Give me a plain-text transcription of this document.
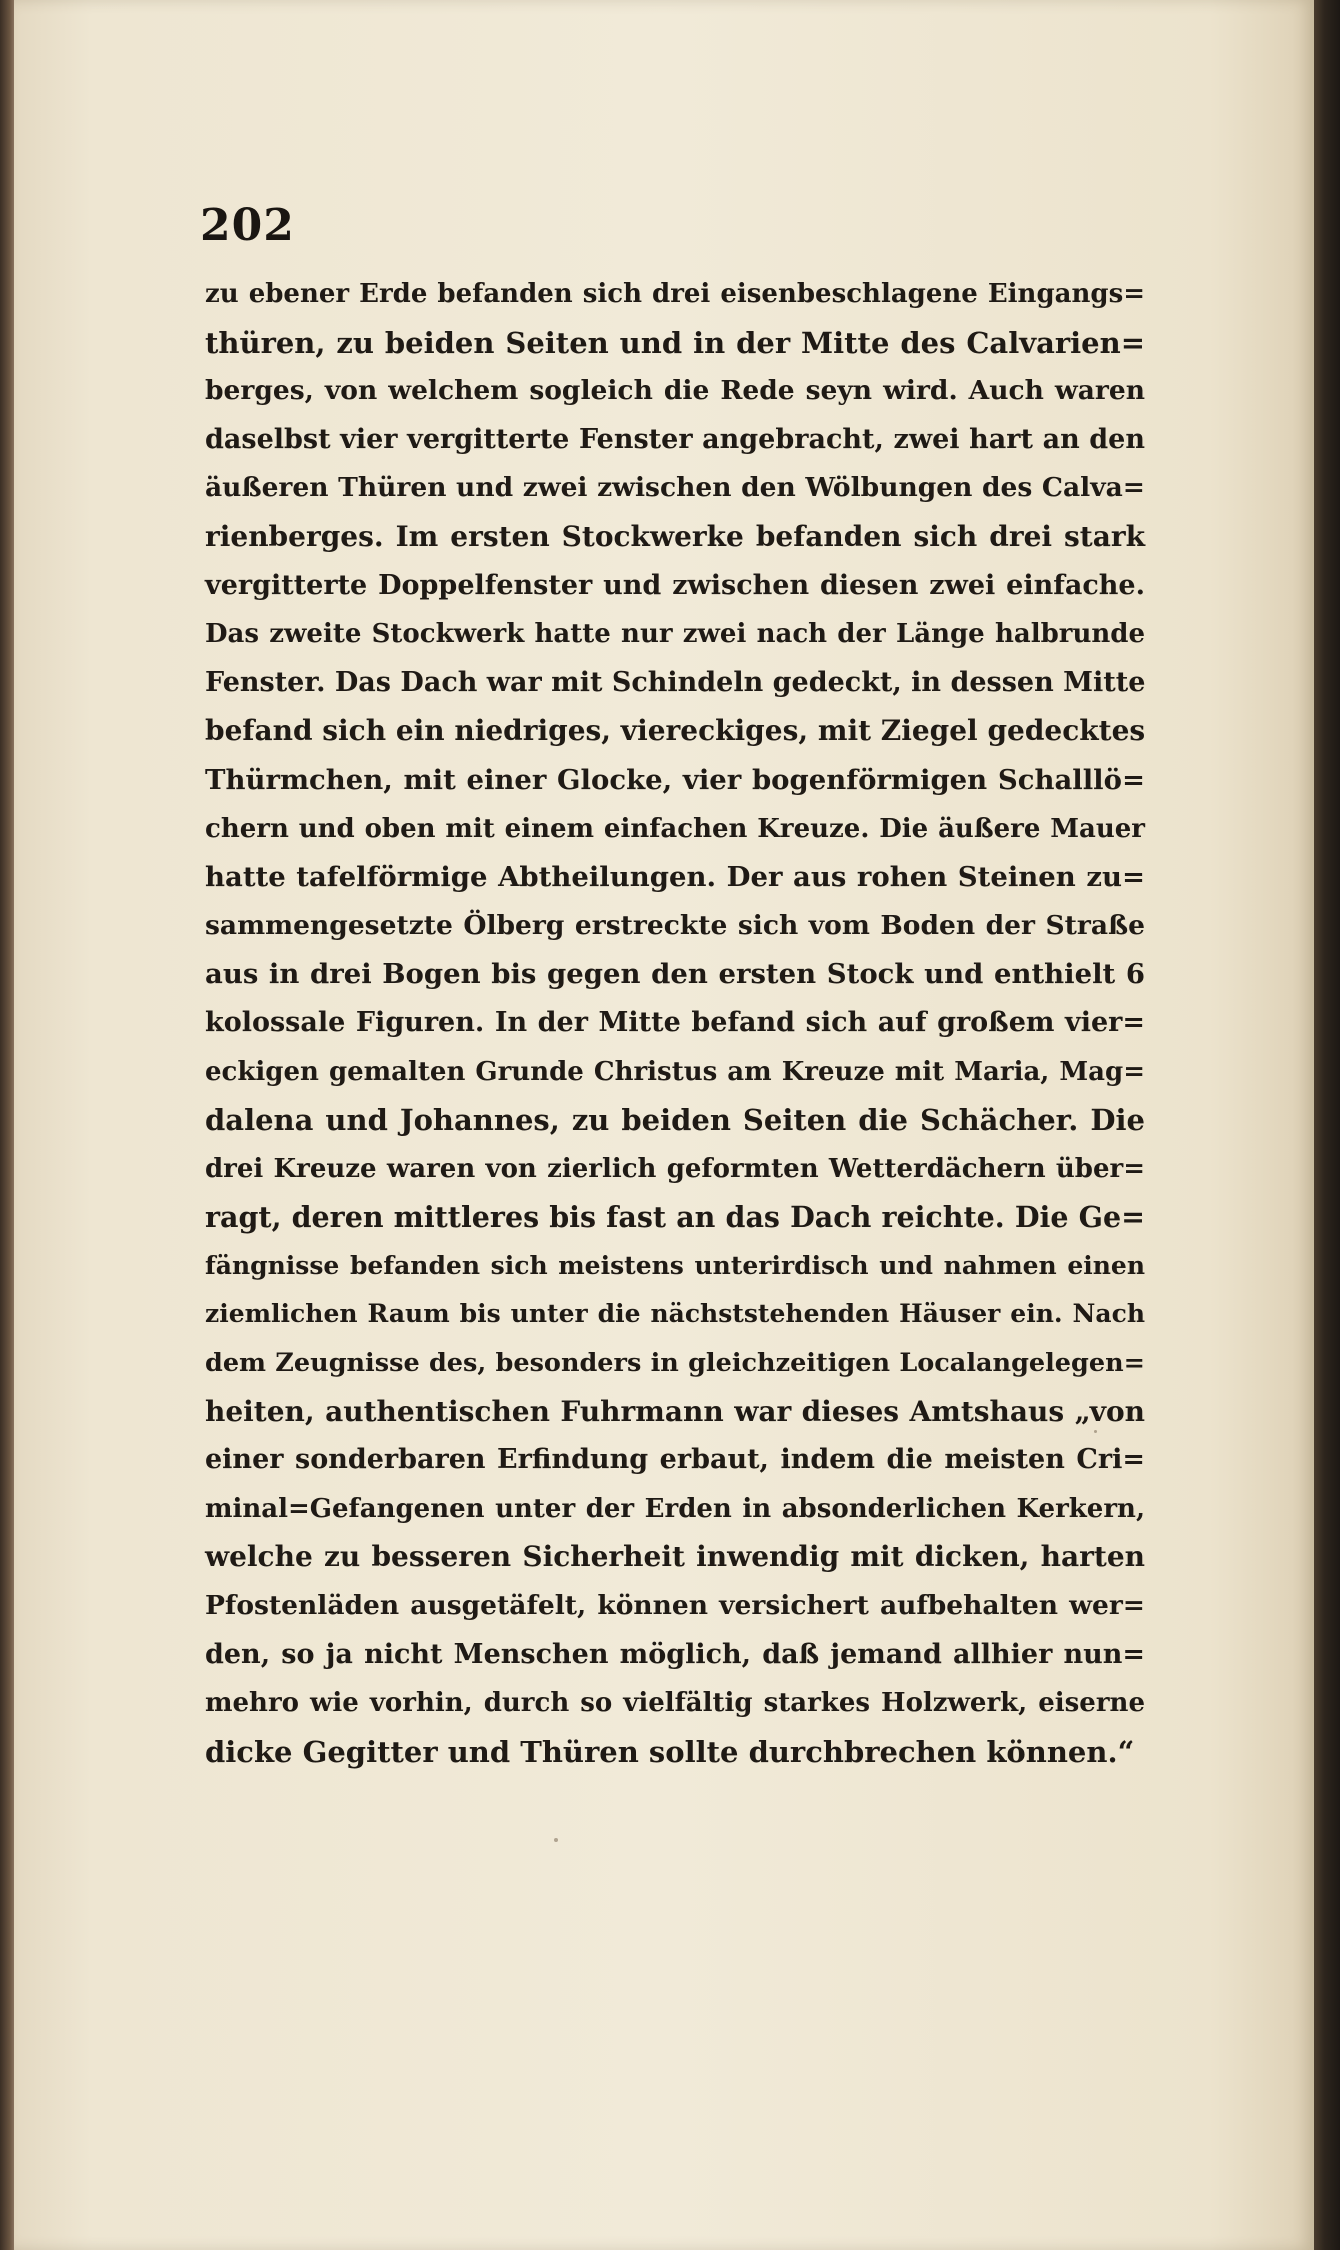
202
zu ebener Erde befanden sich drei eisenbeschlagene Eingangs=
thüren, zu beiden Seiten und in der Mitte des Calvarien=
berges, von welchem sogleich die Rede seyn wird. Auch waren
daselbst vier vergitterte Fenster angebracht, zwei hart an den
äußeren Thüren und zwei zwischen den Wölbungen des Calva=
rienberges. Im ersten Stockwerke befanden sich drei stark
vergitterte Doppelfenster und zwischen diesen zwei einfache.
Das zweite Stockwerk hatte nur zwei nach der Länge halbrunde
Fenster. Das Dach war mit Schindeln gedeckt, in dessen Mitte
befand sich ein niedriges, viereckiges, mit Ziegel gedecktes
Thürmchen, mit einer Glocke, vier bogenförmigen Schalllö=
chern und oben mit einem einfachen Kreuze. Die äußere Mauer
hatte tafelförmige Abtheilungen. Der aus rohen Steinen zu=
sammengesetzte Ölberg erstreckte sich vom Boden der Straße
aus in drei Bogen bis gegen den ersten Stock und enthielt 6
kolossale Figuren. In der Mitte befand sich auf großem vier=
eckigen gemalten Grunde Christus am Kreuze mit Maria, Mag=
dalena und Johannes, zu beiden Seiten die Schächer. Die
drei Kreuze waren von zierlich geformten Wetterdächern über=
ragt, deren mittleres bis fast an das Dach reichte. Die Ge=
fängnisse befanden sich meistens unterirdisch und nahmen einen
ziemlichen Raum bis unter die nächststehenden Häuser ein. Nach
dem Zeugnisse des, besonders in gleichzeitigen Localangelegen=
heiten, authentischen Fuhrmann war dieses Amtshaus „von
einer sonderbaren Erfindung erbaut, indem die meisten Cri=
minal=Gefangenen unter der Erden in absonderlichen Kerkern,
welche zu besseren Sicherheit inwendig mit dicken, harten
Pfostenläden ausgetäfelt, können versichert aufbehalten wer=
den, so ja nicht Menschen möglich, daß jemand allhier nun=
mehro wie vorhin, durch so vielfältig starkes Holzwerk, eiserne
dicke Gegitter und Thüren sollte durchbrechen können.“
